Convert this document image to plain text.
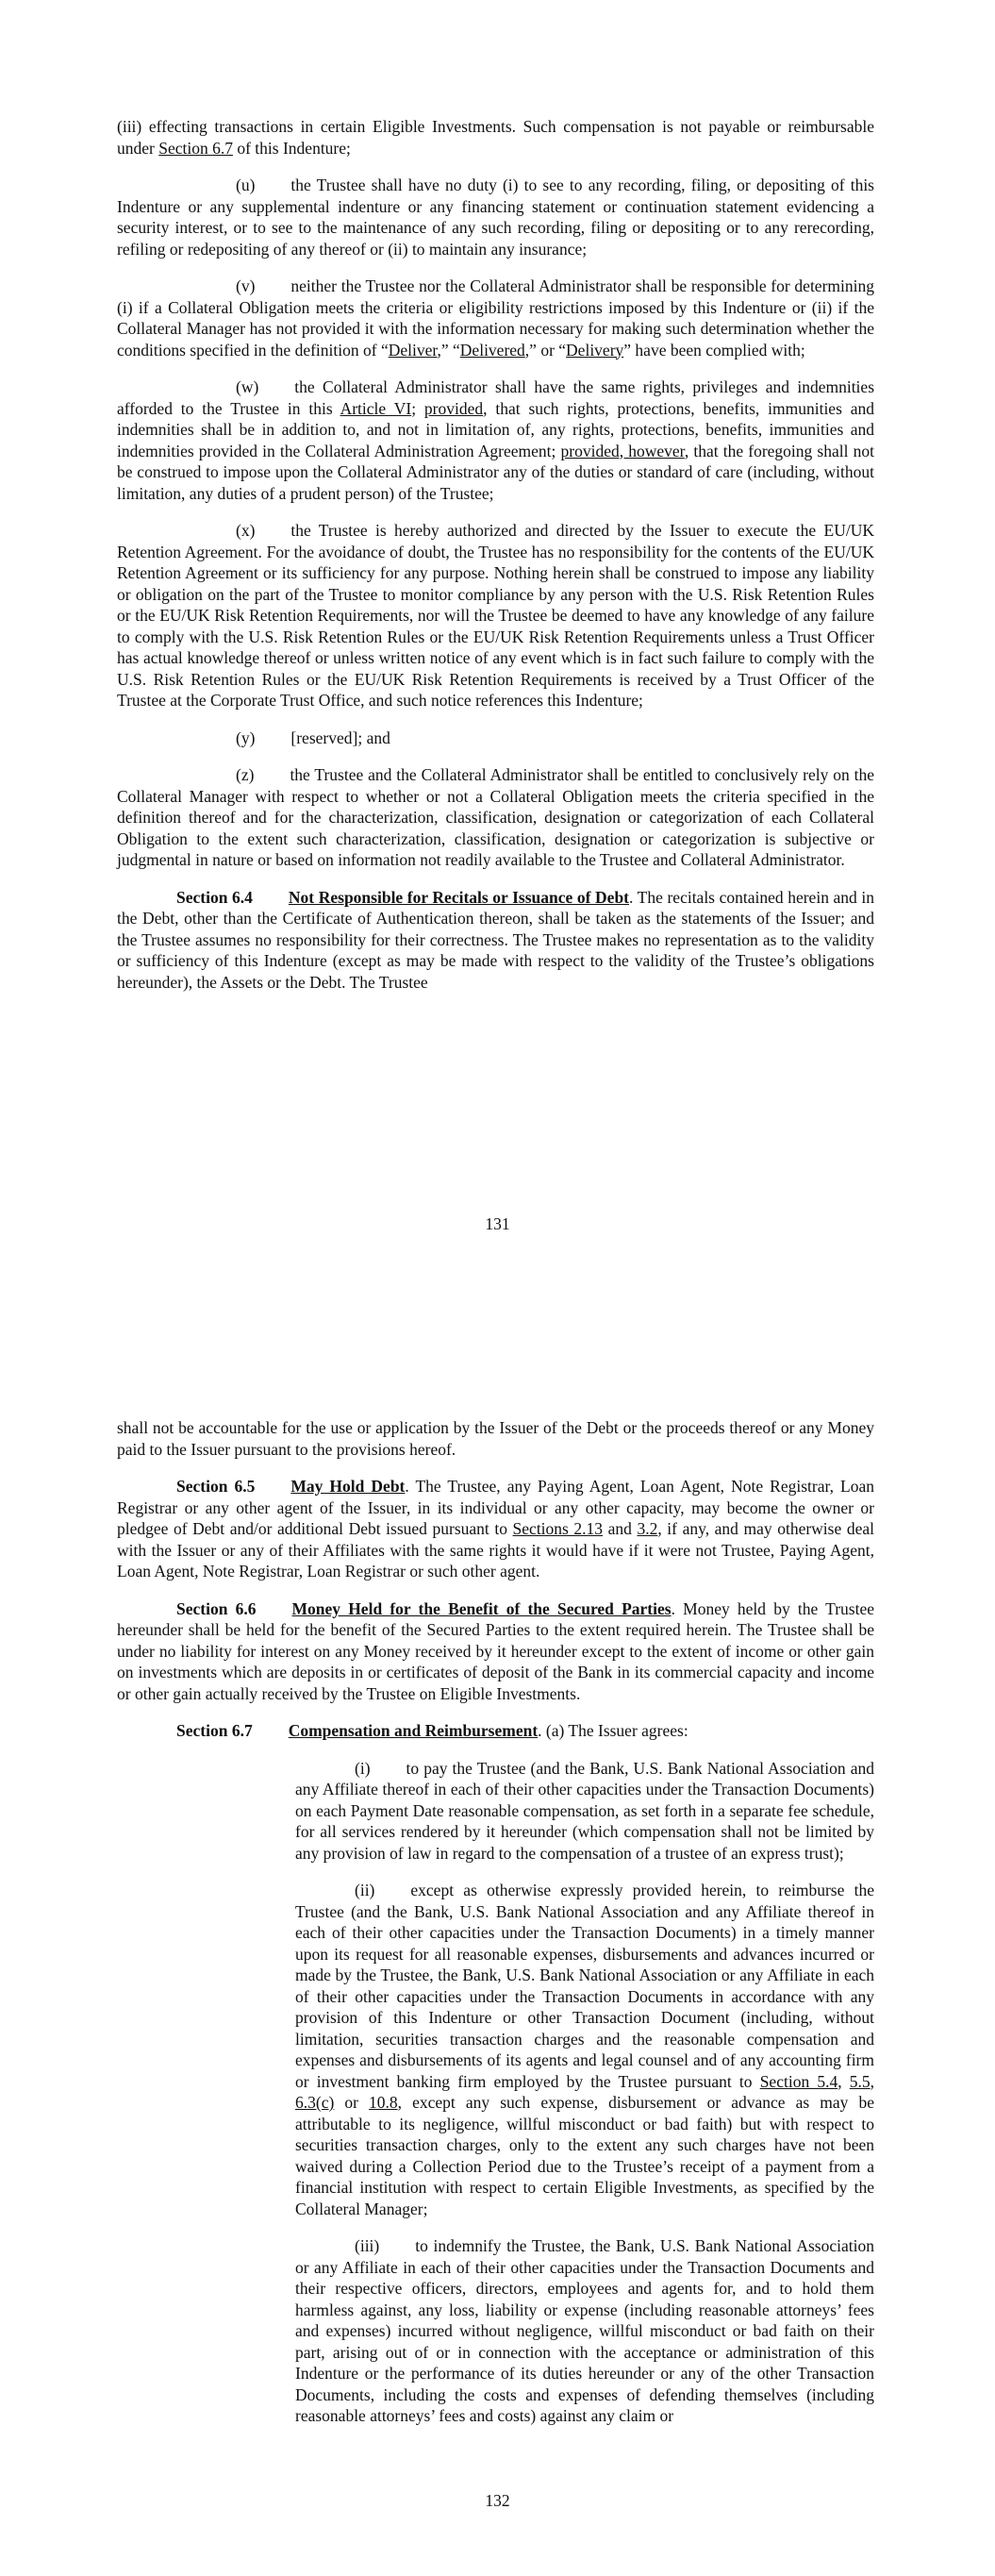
(iii) effecting transactions in certain Eligible Investments. Such compensation is not payable or reimbursable under Section 6.7 of this Indenture;

(u) the Trustee shall have no duty (i) to see to any recording, filing, or depositing of this Indenture or any supplemental indenture or any financing statement or continuation statement evidencing a security interest, or to see to the maintenance of any such recording, filing or depositing or to any rerecording, refiling or redepositing of any thereof or (ii) to maintain any insurance;

(v) neither the Trustee nor the Collateral Administrator shall be responsible for determining (i) if a Collateral Obligation meets the criteria or eligibility restrictions imposed by this Indenture or (ii) if the Collateral Manager has not provided it with the information necessary for making such determination whether the conditions specified in the definition of “Deliver,” “Delivered,” or “Delivery” have been complied with;

(w) the Collateral Administrator shall have the same rights, privileges and indemnities afforded to the Trustee in this Article VI; provided, that such rights, protections, benefits, immunities and indemnities shall be in addition to, and not in limitation of, any rights, protections, benefits, immunities and indemnities provided in the Collateral Administration Agreement; provided, however, that the foregoing shall not be construed to impose upon the Collateral Administrator any of the duties or standard of care (including, without limitation, any duties of a prudent person) of the Trustee;

(x) the Trustee is hereby authorized and directed by the Issuer to execute the EU/UK Retention Agreement. For the avoidance of doubt, the Trustee has no responsibility for the contents of the EU/UK Retention Agreement or its sufficiency for any purpose. Nothing herein shall be construed to impose any liability or obligation on the part of the Trustee to monitor compliance by any person with the U.S. Risk Retention Rules or the EU/UK Risk Retention Requirements, nor will the Trustee be deemed to have any knowledge of any failure to comply with the U.S. Risk Retention Rules or the EU/UK Risk Retention Requirements unless a Trust Officer has actual knowledge thereof or unless written notice of any event which is in fact such failure to comply with the U.S. Risk Retention Rules or the EU/UK Risk Retention Requirements is received by a Trust Officer of the Trustee at the Corporate Trust Office, and such notice references this Indenture;

(y) [reserved]; and

(z) the Trustee and the Collateral Administrator shall be entitled to conclusively rely on the Collateral Manager with respect to whether or not a Collateral Obligation meets the criteria specified in the definition thereof and for the characterization, classification, designation or categorization of each Collateral Obligation to the extent such characterization, classification, designation or categorization is subjective or judgmental in nature or based on information not readily available to the Trustee and Collateral Administrator.

Section 6.4 Not Responsible for Recitals or Issuance of Debt. The recitals contained herein and in the Debt, other than the Certificate of Authentication thereon, shall be taken as the statements of the Issuer; and the Trustee assumes no responsibility for their correctness. The Trustee makes no representation as to the validity or sufficiency of this Indenture (except as may be made with respect to the validity of the Trustee’s obligations hereunder), the Assets or the Debt. The Trustee

131

shall not be accountable for the use or application by the Issuer of the Debt or the proceeds thereof or any Money paid to the Issuer pursuant to the provisions hereof.

Section 6.5 May Hold Debt. The Trustee, any Paying Agent, Loan Agent, Note Registrar, Loan Registrar or any other agent of the Issuer, in its individual or any other capacity, may become the owner or pledgee of Debt and/or additional Debt issued pursuant to Sections 2.13 and 3.2, if any, and may otherwise deal with the Issuer or any of their Affiliates with the same rights it would have if it were not Trustee, Paying Agent, Loan Agent, Note Registrar, Loan Registrar or such other agent.

Section 6.6 Money Held for the Benefit of the Secured Parties. Money held by the Trustee hereunder shall be held for the benefit of the Secured Parties to the extent required herein. The Trustee shall be under no liability for interest on any Money received by it hereunder except to the extent of income or other gain on investments which are deposits in or certificates of deposit of the Bank in its commercial capacity and income or other gain actually received by the Trustee on Eligible Investments.

Section 6.7 Compensation and Reimbursement. (a) The Issuer agrees:

(i) to pay the Trustee (and the Bank, U.S. Bank National Association and any Affiliate thereof in each of their other capacities under the Transaction Documents) on each Payment Date reasonable compensation, as set forth in a separate fee schedule, for all services rendered by it hereunder (which compensation shall not be limited by any provision of law in regard to the compensation of a trustee of an express trust);

(ii) except as otherwise expressly provided herein, to reimburse the Trustee (and the Bank, U.S. Bank National Association and any Affiliate thereof in each of their other capacities under the Transaction Documents) in a timely manner upon its request for all reasonable expenses, disbursements and advances incurred or made by the Trustee, the Bank, U.S. Bank National Association or any Affiliate in each of their other capacities under the Transaction Documents in accordance with any provision of this Indenture or other Transaction Document (including, without limitation, securities transaction charges and the reasonable compensation and expenses and disbursements of its agents and legal counsel and of any accounting firm or investment banking firm employed by the Trustee pursuant to Section 5.4, 5.5, 6.3(c) or 10.8, except any such expense, disbursement or advance as may be attributable to its negligence, willful misconduct or bad faith) but with respect to securities transaction charges, only to the extent any such charges have not been waived during a Collection Period due to the Trustee’s receipt of a payment from a financial institution with respect to certain Eligible Investments, as specified by the Collateral Manager;

(iii) to indemnify the Trustee, the Bank, U.S. Bank National Association or any Affiliate in each of their other capacities under the Transaction Documents and their respective officers, directors, employees and agents for, and to hold them harmless against, any loss, liability or expense (including reasonable attorneys’ fees and expenses) incurred without negligence, willful misconduct or bad faith on their part, arising out of or in connection with the acceptance or administration of this Indenture or the performance of its duties hereunder or any of the other Transaction Documents, including the costs and expenses of defending themselves (including reasonable attorneys’ fees and costs) against any claim or

132
